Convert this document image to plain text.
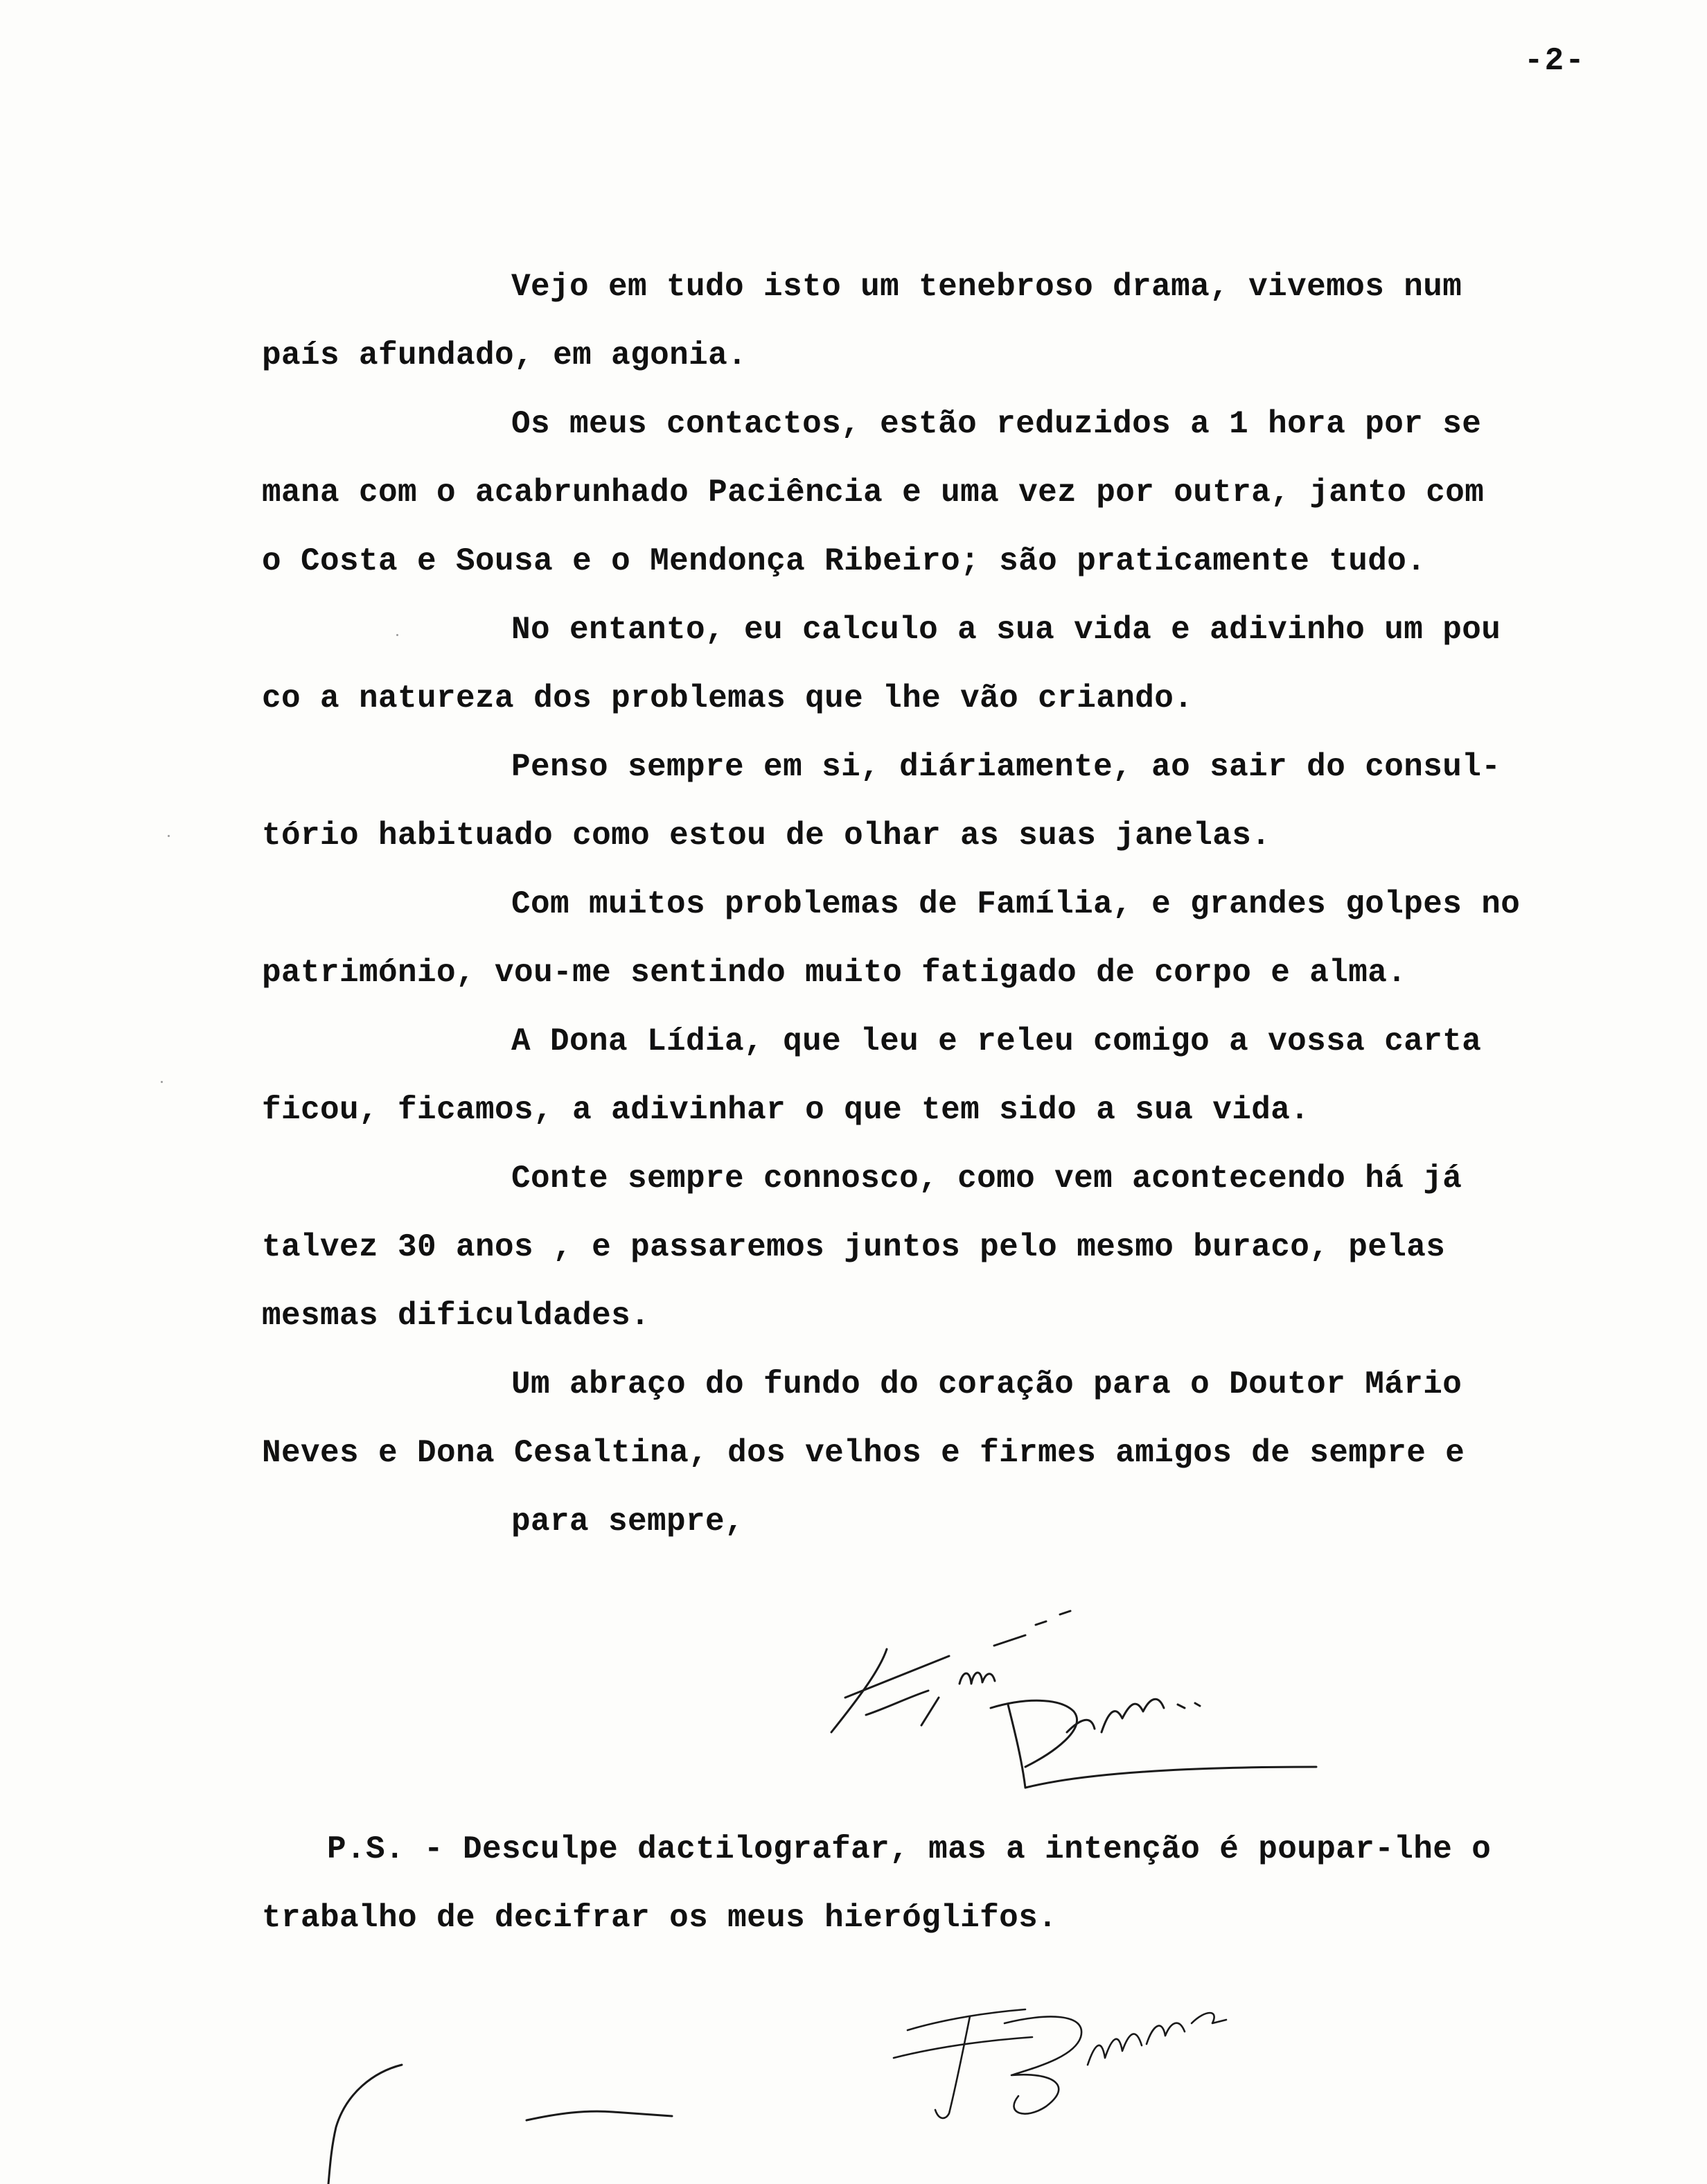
-2-
Vejo em tudo isto um tenebroso drama, vivemos num
país afundado, em agonia.
Os meus contactos, estão reduzidos a 1 hora por se
mana com o acabrunhado Paciência e uma vez por outra, janto com
o Costa e Sousa e o Mendonça Ribeiro; são praticamente tudo.
No entanto, eu calculo a sua vida e adivinho um pou
co a natureza dos problemas que lhe vão criando.
Penso sempre em si, diáriamente, ao sair do consul-
tório habituado como estou de olhar as suas janelas.
Com muitos problemas de Família, e grandes golpes no
património, vou-me sentindo muito fatigado de corpo e alma.
A Dona Lídia, que leu e releu comigo a vossa carta
ficou, ficamos, a adivinhar o que tem sido a sua vida.
Conte sempre connosco, como vem acontecendo há já
talvez 30 anos , e passaremos juntos pelo mesmo buraco, pelas
mesmas dificuldades.
Um abraço do fundo do coração para o Doutor Mário
Neves e Dona Cesaltina, dos velhos e firmes amigos de sempre e
para sempre,
P.S. - Desculpe dactilografar, mas a intenção é poupar-lhe o
trabalho de decifrar os meus hieróglifos.
